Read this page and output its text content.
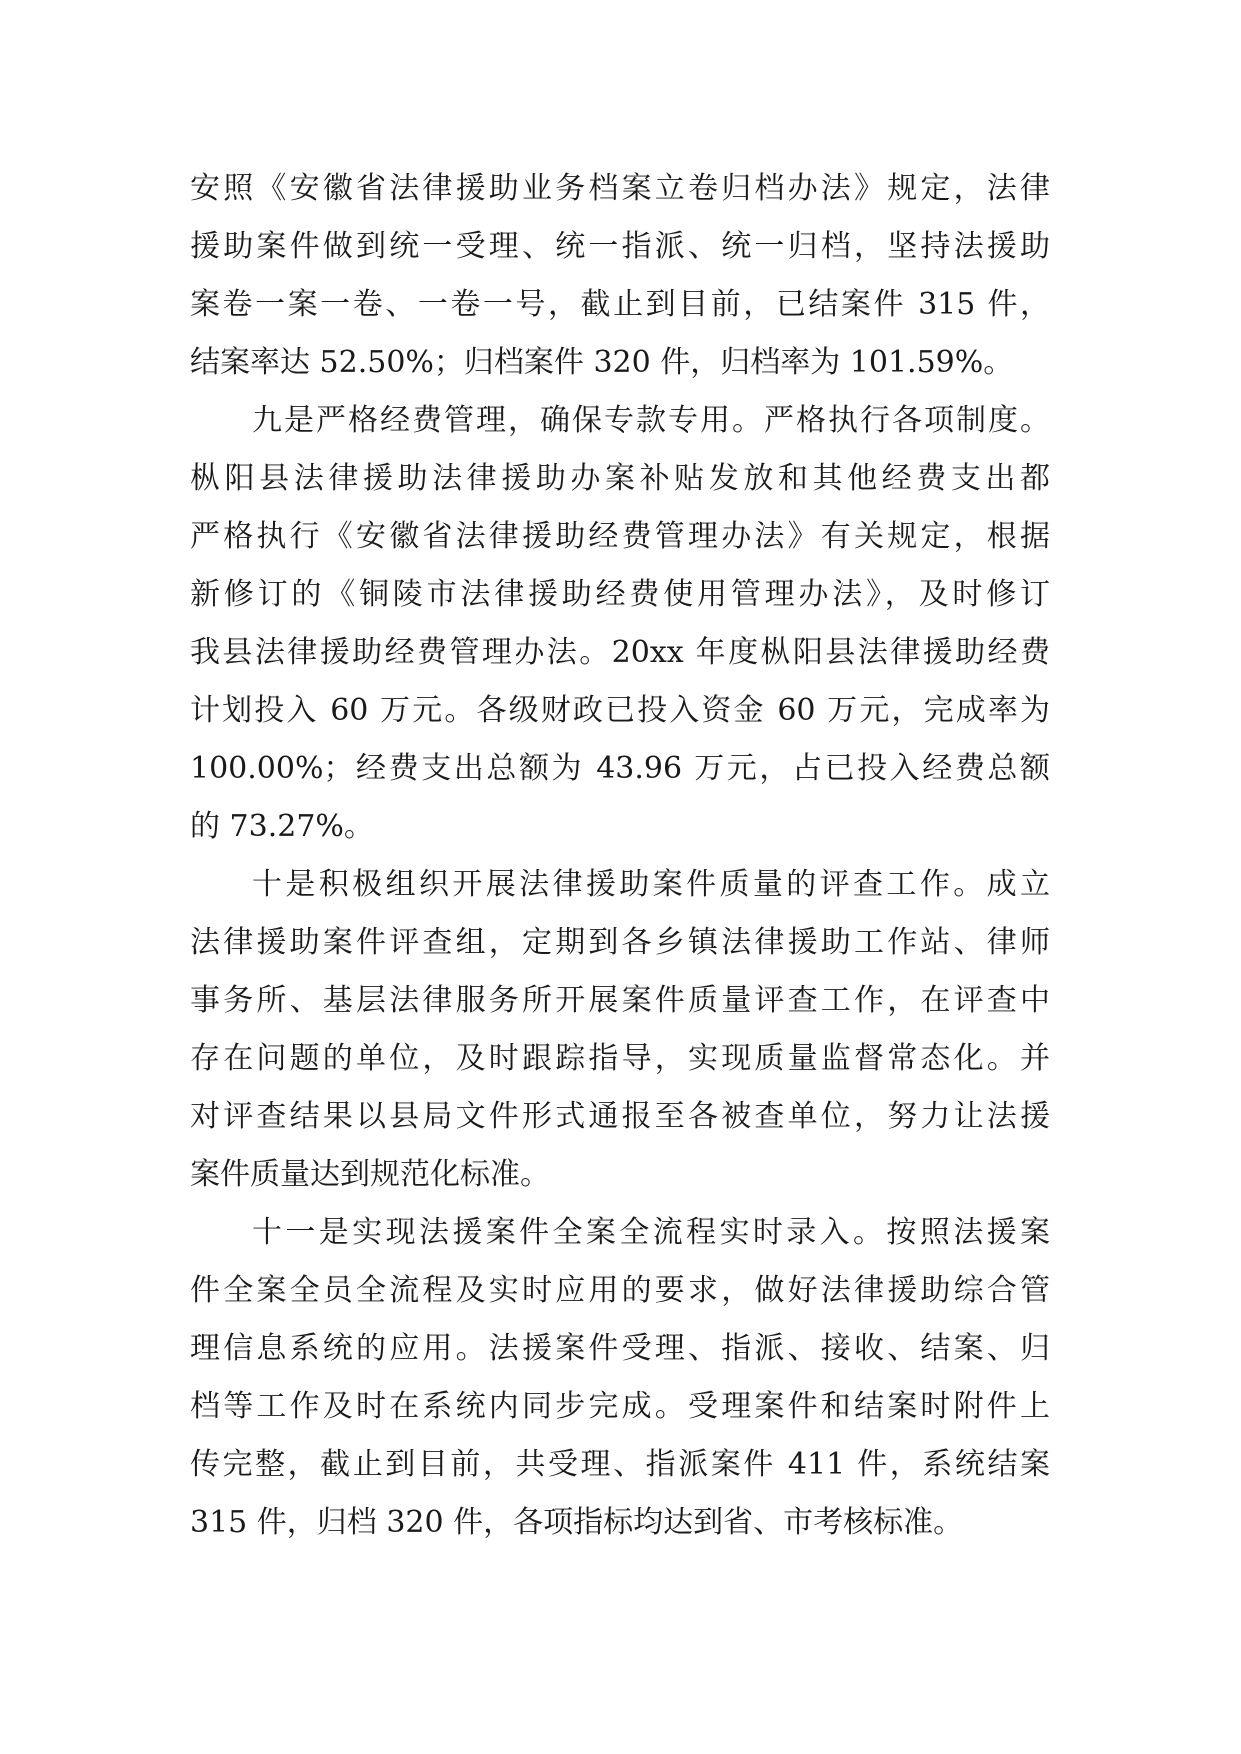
安照《安徽省法律援助业务档案立卷归档办法》规定，法律
援助案件做到统一受理、统一指派、统一归档，坚持法援助
案卷一案一卷、一卷一号，截止到目前，已结案件 315 件，
结案率达 52.50%；归档案件 320 件，归档率为 101.59%。
九是严格经费管理，确保专款专用。严格执行各项制度。
枞阳县法律援助法律援助办案补贴发放和其他经费支出都
严格执行《安徽省法律援助经费管理办法》有关规定，根据
新修订的《铜陵市法律援助经费使用管理办法》，及时修订
我县法律援助经费管理办法。20xx 年度枞阳县法律援助经费
计划投入 60 万元。各级财政已投入资金 60 万元，完成率为
100.00%；经费支出总额为 43.96 万元，占已投入经费总额
的 73.27%。
十是积极组织开展法律援助案件质量的评查工作。成立
法律援助案件评查组，定期到各乡镇法律援助工作站、律师
事务所、基层法律服务所开展案件质量评查工作，在评查中
存在问题的单位，及时跟踪指导，实现质量监督常态化。并
对评查结果以县局文件形式通报至各被查单位，努力让法援
案件质量达到规范化标准。
十一是实现法援案件全案全流程实时录入。按照法援案
件全案全员全流程及实时应用的要求，做好法律援助综合管
理信息系统的应用。法援案件受理、指派、接收、结案、归
档等工作及时在系统内同步完成。受理案件和结案时附件上
传完整，截止到目前，共受理、指派案件 411 件，系统结案
315 件，归档 320 件，各项指标均达到省、市考核标准。
